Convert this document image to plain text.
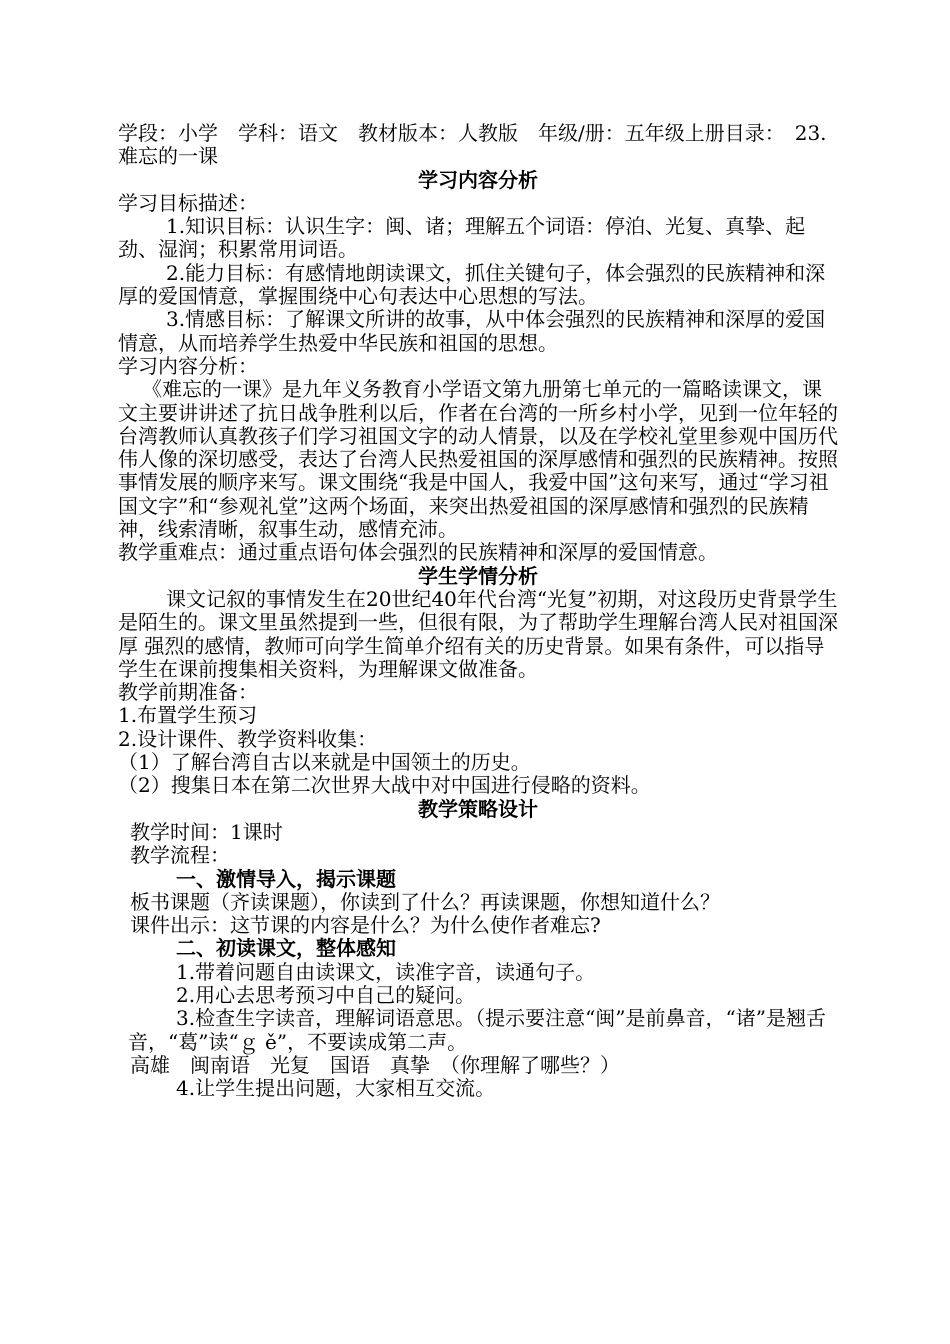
学段：小学　学科：语文　教材版本：人教版　年级/册：五年级上册目录：　23.难忘的一课

学习内容分析

学习目标描述：

1.知识目标：认识生字：闽、诸；理解五个词语：停泊、光复、真挚、起劲、湿润；积累常用词语。

2.能力目标：有感情地朗读课文，抓住关键句子，体会强烈的民族精神和深厚的爱国情意，掌握围绕中心句表达中心思想的写法。

3.情感目标：了解课文所讲的故事，从中体会强烈的民族精神和深厚的爱国情意，从而培养学生热爱中华民族和祖国的思想。

学习内容分析：

《难忘的一课》是九年义务教育小学语文第九册第七单元的一篇略读课文，课文主要讲讲述了抗日战争胜利以后，作者在台湾的一所乡村小学，见到一位年轻的台湾教师认真教孩子们学习祖国文字的动人情景，以及在学校礼堂里参观中国历代伟人像的深切感受，表达了台湾人民热爱祖国的深厚感情和强烈的民族精神。按照事情发展的顺序来写。课文围绕“我是中国人，我爱中国”这句来写，通过“学习祖国文字”和“参观礼堂”这两个场面，来突出热爱祖国的深厚感情和强烈的民族精神，线索清晰，叙事生动，感情充沛。

教学重难点：通过重点语句体会强烈的民族精神和深厚的爱国情意。

学生学情分析

课文记叙的事情发生在20世纪40年代台湾“光复”初期，对这段历史背景学生是陌生的。课文里虽然提到一些，但很有限，为了帮助学生理解台湾人民对祖国深厚 强烈的感情，教师可向学生简单介绍有关的历史背景。如果有条件，可以指导学生在课前搜集相关资料，为理解课文做准备。

教学前期准备：

1.布置学生预习

2.设计课件、教学资料收集：

（1）了解台湾自古以来就是中国领土的历史。

（2）搜集日本在第二次世界大战中对中国进行侵略的资料。

教学策略设计

教学时间：1课时

教学流程：

一、激情导入，揭示课题

板书课题（齐读课题），你读到了什么？再读课题，你想知道什么？

课件出示：这节课的内容是什么？为什么使作者难忘?

二、初读课文，整体感知

1.带着问题自由读课文，读准字音，读通句子。

2.用心去思考预习中自己的疑问。

3.检查生字读音，理解词语意思。（提示要注意“闽”是前鼻音，“诸”是翘舌音，“葛”读“ｇ ě”，不要读成第二声。

高雄　闽南语　光复　国语　真挚　（你理解了哪些？）

4.让学生提出问题，大家相互交流。
